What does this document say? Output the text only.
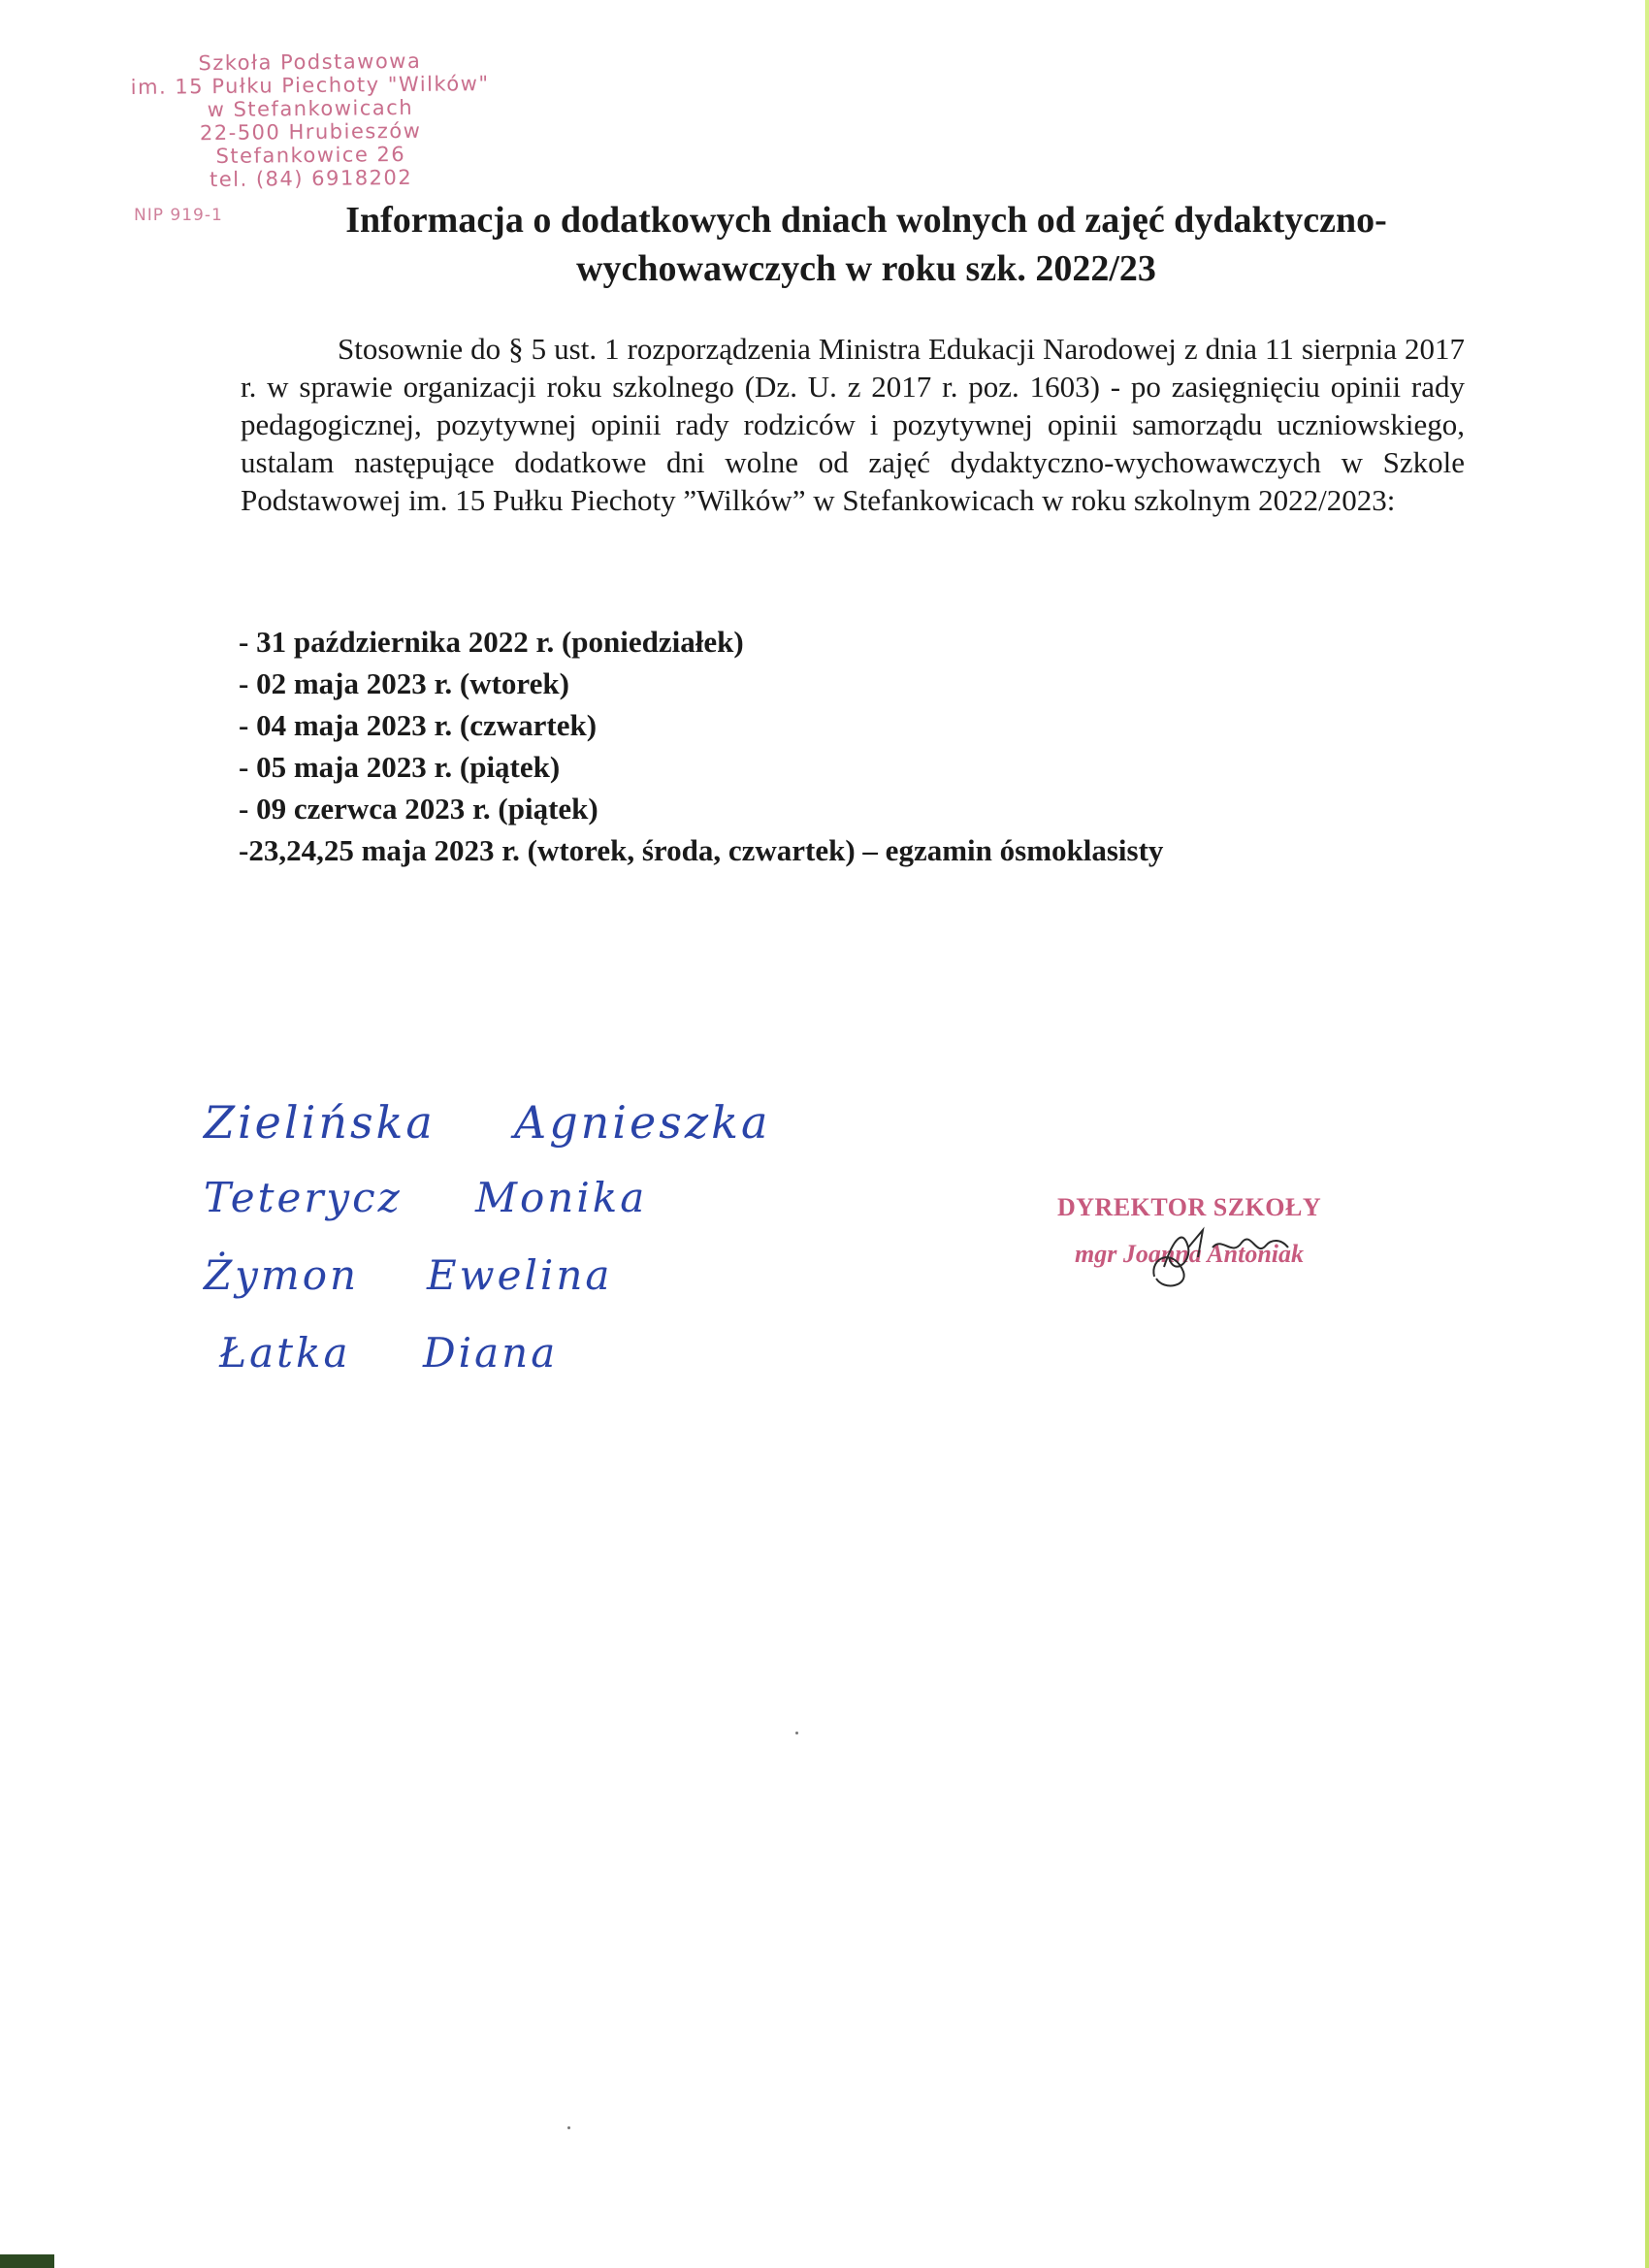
Szkoła Podstawowa
im. 15 Pułku Piechoty "Wilków"
w Stefankowicach
22-500 Hrubieszów
Stefankowice 26
tel. (84) 6918202
NIP 919-1	Informacja o dodatkowych dniach wolnych od zajęć dydaktyczno-
wychowawczych w roku szk. 2022/23

Stosownie do § 5 ust. 1 rozporządzenia Ministra Edukacji Narodowej z dnia 11 sierpnia 2017 r. w sprawie organizacji roku szkolnego (Dz. U. z 2017 r. poz. 1603) - po zasięgnięciu opinii rady pedagogicznej, pozytywnej opinii rady rodziców i pozytywnej opinii samorządu uczniowskiego, ustalam następujące dodatkowe dni wolne od zajęć dydaktyczno-wychowawczych w Szkole Podstawowej im. 15 Pułku Piechoty ”Wilków” w Stefankowicach w roku szkolnym 2022/2023:

- 31 października 2022 r. (poniedziałek)
- 02 maja 2023 r. (wtorek)
- 04 maja 2023 r. (czwartek)
- 05 maja 2023 r. (piątek)
- 09 czerwca 2023 r. (piątek)
-23,24,25 maja 2023 r. (wtorek, środa, czwartek) – egzamin ósmoklasisty
Zielińska Agnieszka
Teterycz Monika
Żymon Ewelina
Łatka Diana
DYREKTOR SZKOŁY
mgr Joanna Antoniak
